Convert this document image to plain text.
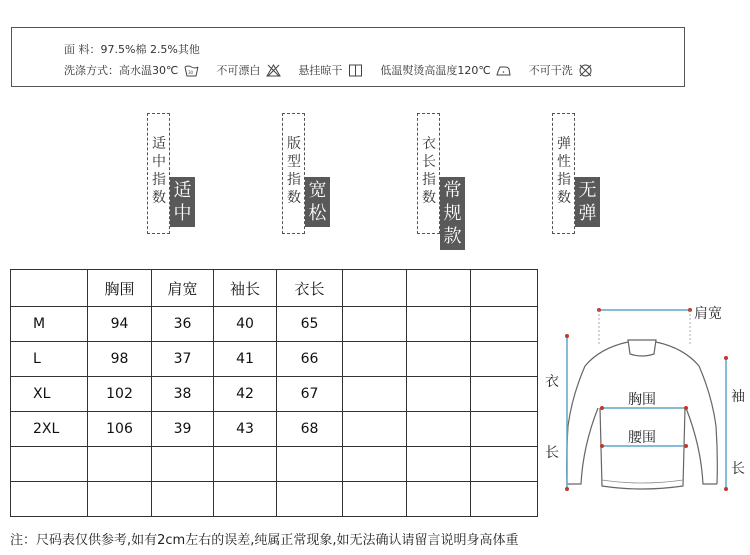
面 料：97.5%棉 2.5%其他
洗涤方式：高水温30℃ 30 不可漂白	悬挂晾干	低温熨烫高温度120℃	不可干洗
适中指数 适中
版型指数 宽松
衣长指数 常规款
弹性指数 无弹
	胸围	肩宽	袖长	衣长			
M	94	36	40	65			
L	98	37	41	66			
XL	102	38	42	67			
2XL	106	39	43	68			

肩宽
胸围
腰围
衣
长
袖
长
注：尺码表仅供参考,如有2cm左右的误差,纯属正常现象,如无法确认请留言说明身高体重
